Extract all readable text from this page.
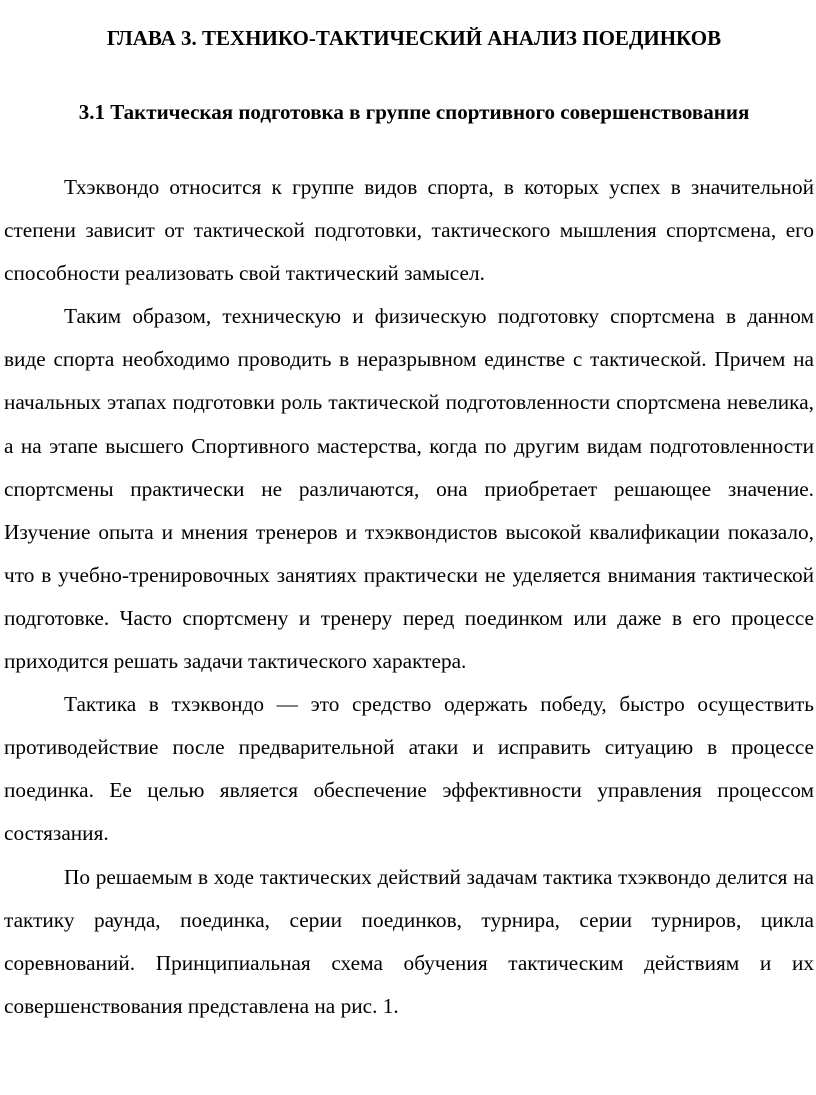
ГЛАВА 3. ТЕХНИКО-ТАКТИЧЕСКИЙ АНАЛИЗ ПОЕДИНКОВ
3.1 Тактическая подготовка в группе спортивного совершенствования

Тхэквондо относится к группе видов спорта, в которых успех в значительной степени зависит от тактической подготовки, тактического мышления спортсмена, его способности реализовать свой тактический замысел.

Таким образом, техническую и физическую подготовку спортсмена в данном виде спорта необходимо проводить в неразрывном единстве с тактической. Причем на начальных этапах подготовки роль тактической подготовленности спортсмена невелика, а на этапе высшего Спортивного мастерства, когда по другим видам подготовленности спортсмены практически не различаются, она приобретает решающее значение. Изучение опыта и мнения тренеров и тхэквондистов высокой квалификации показало, что в учебно-тренировочных занятиях практически не уделяется внимания тактической подготовке. Часто спортсмену и тренеру перед поединком или даже в его процессе приходится решать задачи тактического характера.

Тактика в тхэквондо — это средство одержать победу, быстро осуществить противодействие после предварительной атаки и исправить ситуацию в процессе поединка. Ее целью является обеспечение эффективности управления процессом состязания.

По решаемым в ходе тактических действий задачам тактика тхэквондо делится на тактику раунда, поединка, серии поединков, турнира, серии турниров, цикла соревнований. Принципиальная схема обучения тактическим действиям и их совершенствования представлена на рис. 1.
